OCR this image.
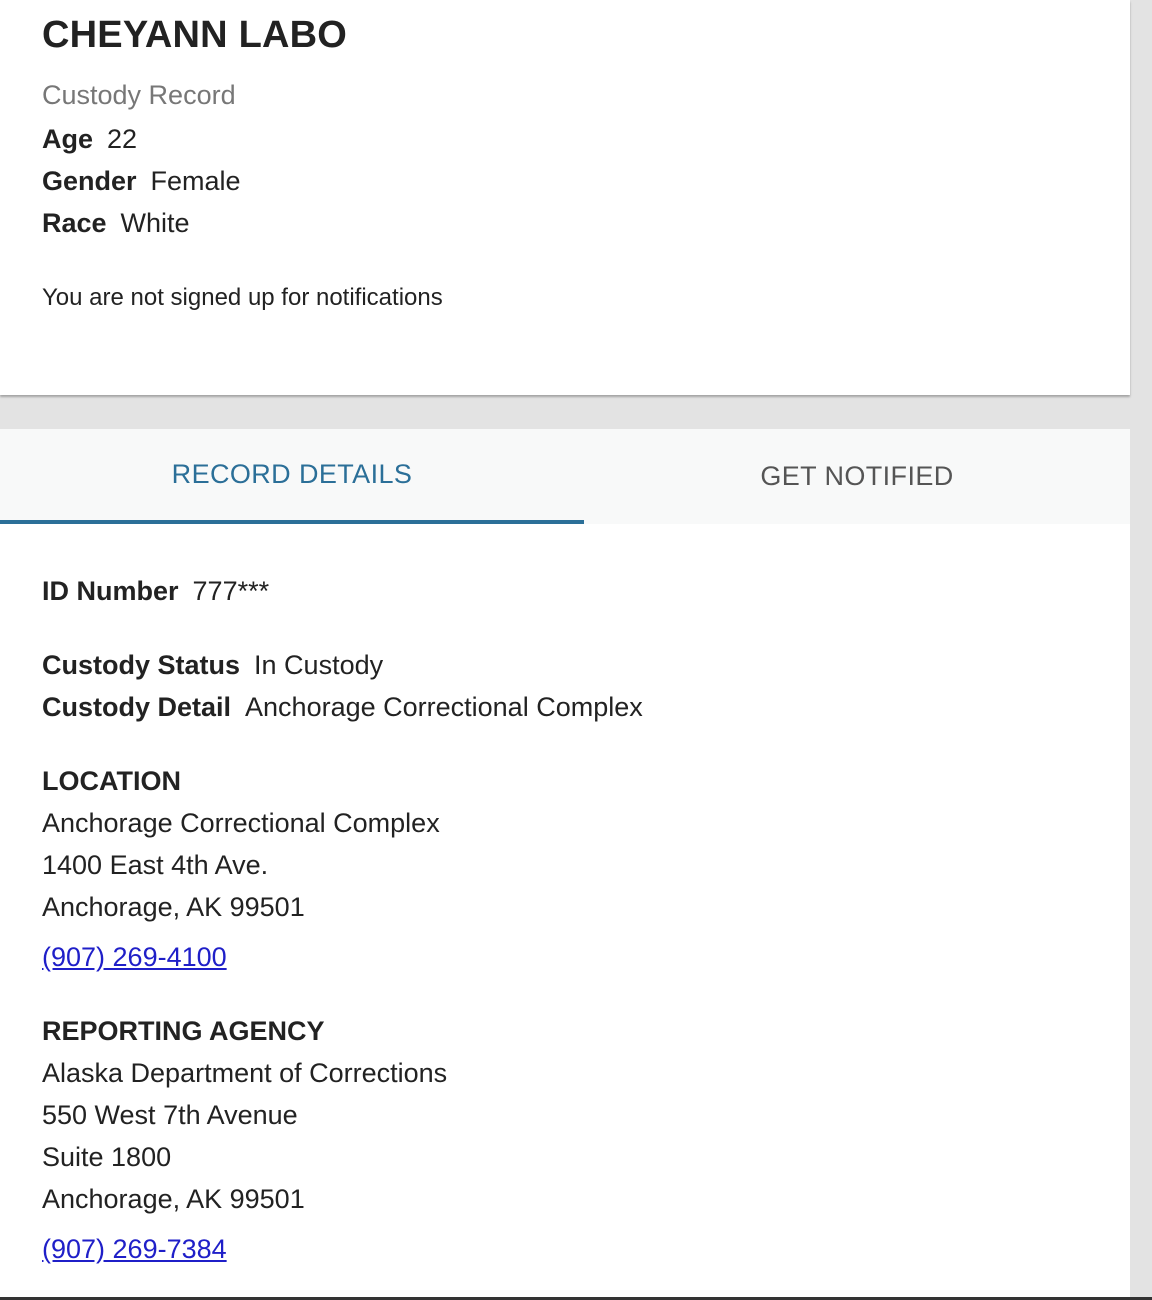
CHEYANN LABO
Custody Record
Age 22
Gender Female
Race White
You are not signed up for notifications
RECORD DETAILS	GET NOTIFIED
ID Number 777***
Custody Status In Custody
Custody Detail Anchorage Correctional Complex
LOCATION
Anchorage Correctional Complex
1400 East 4th Ave.
Anchorage, AK 99501
(907) 269-4100
REPORTING AGENCY
Alaska Department of Corrections
550 West 7th Avenue
Suite 1800
Anchorage, AK 99501
(907) 269-7384
